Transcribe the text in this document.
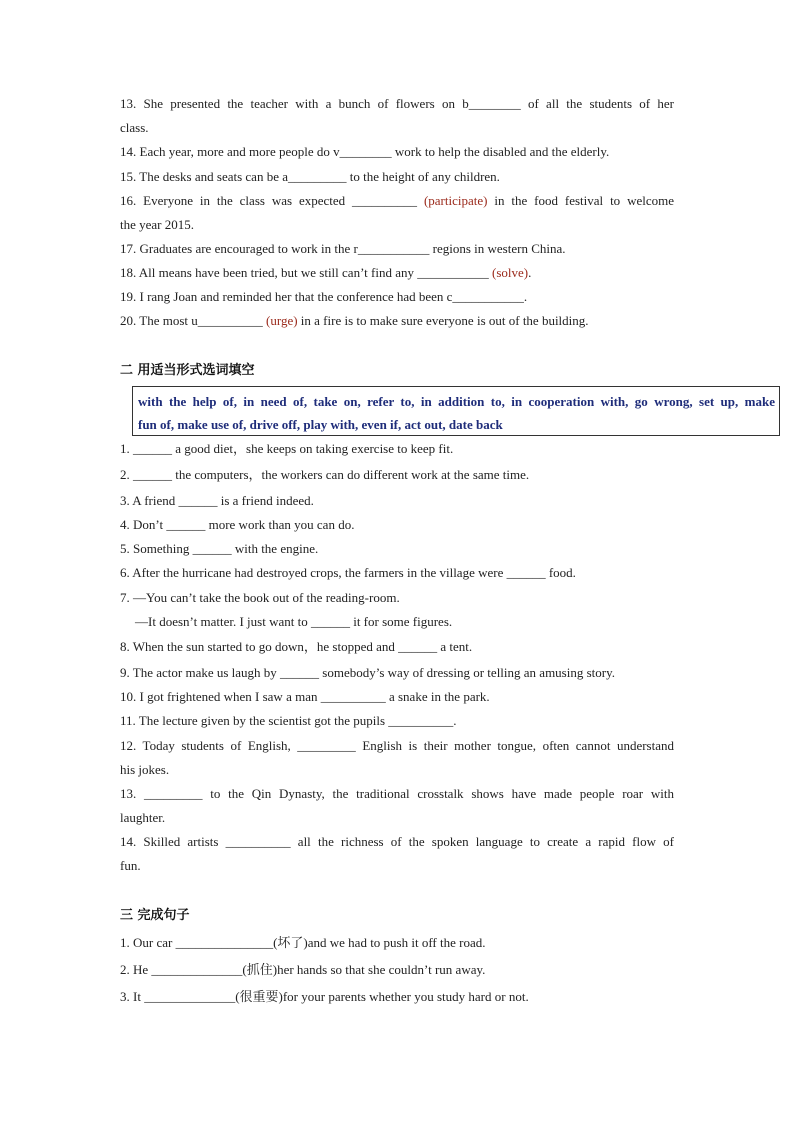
13. She presented the teacher with a bunch of flowers on b________ of all the students of her
class.
14. Each year, more and more people do v________ work to help the disabled and the elderly.
15. The desks and seats can be a_________ to the height of any children.
16. Everyone in the class was expected __________ (participate) in the food festival to welcome
the year 2015.
17. Graduates are encouraged to work in the r___________ regions in western China.
18. All means have been tried, but we still can’t find any ___________ (solve).
19. I rang Joan and reminded her that the conference had been c___________.
20. The most u__________ (urge) in a fire is to make sure everyone is out of the building.
二 用适当形式选词填空
with the help of, in need of, take on, refer to, in addition to, in cooperation with, go wrong, set up, make
fun of, make use of, drive off, play with, even if, act out, date back
1. ______ a good diet，she keeps on taking exercise to keep fit.
2. ______ the computers，the workers can do different work at the same time.
3. A friend ______ is a friend indeed.
4. Don’t ______ more work than you can do.
5. Something ______ with the engine.
6. After the hurricane had destroyed crops, the farmers in the village were ______ food.
7. —You can’t take the book out of the reading-room.
—It doesn’t matter. I just want to ______ it for some figures.
8. When the sun started to go down，he stopped and ______ a tent.
9. The actor make us laugh by ______ somebody’s way of dressing or telling an amusing story.
10. I got frightened when I saw a man __________ a snake in the park.
11. The lecture given by the scientist got the pupils __________.
12. Today students of English, _________ English is their mother tongue, often cannot understand
his jokes.
13. _________ to the Qin Dynasty, the traditional crosstalk shows have made people roar with
laughter.
14. Skilled artists __________ all the richness of the spoken language to create a rapid flow of
fun.
三 完成句子
1. Our car _______________(坏了)and we had to push it off the road.
2. He ______________(抓住)her hands so that she couldn’t run away.
3. It ______________(很重要)for your parents whether you study hard or not.
